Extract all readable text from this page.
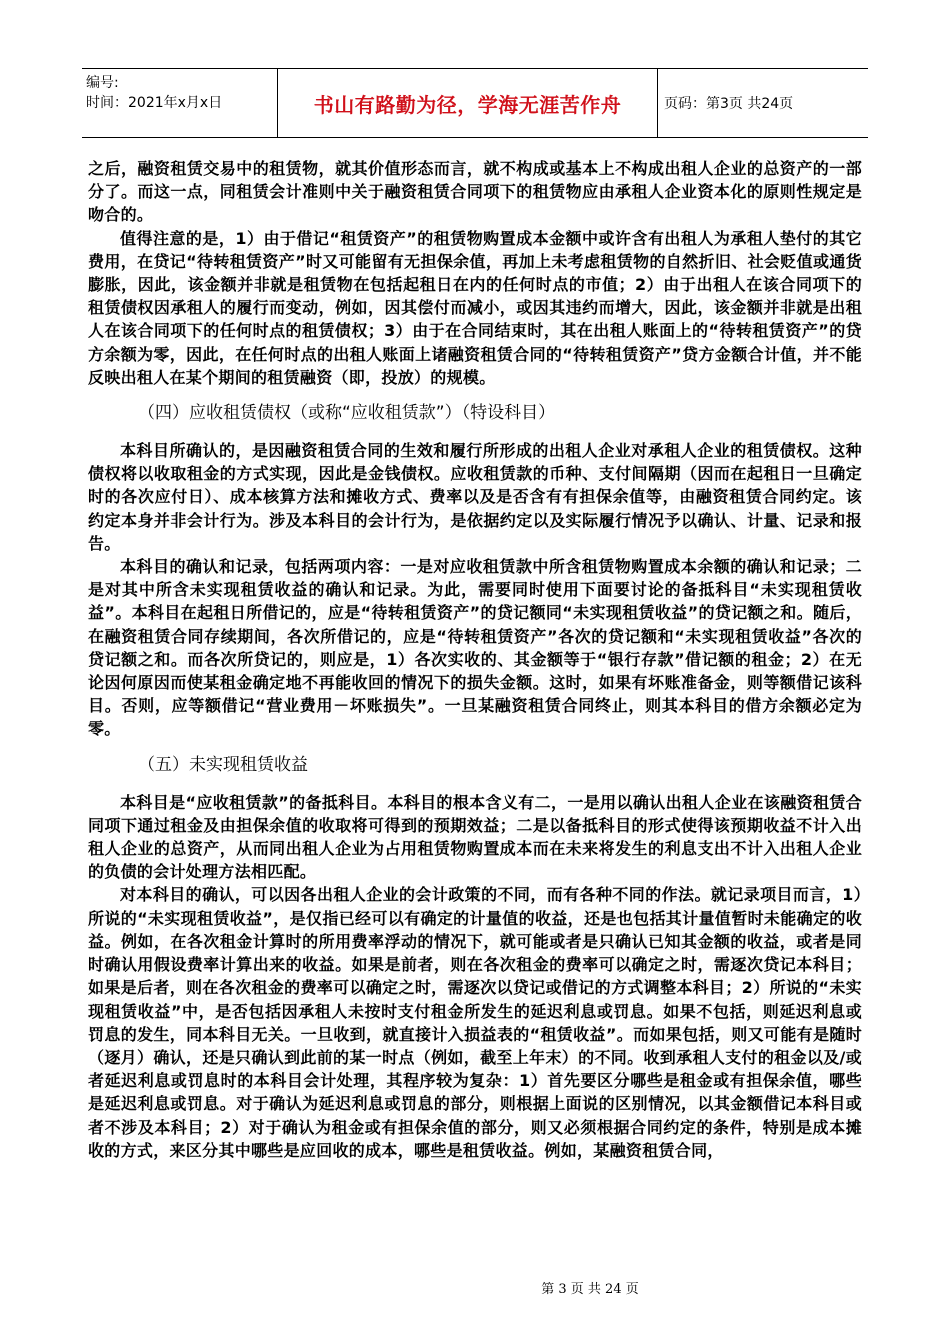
编号:
时间：2021年x月x日	书山有路勤为径，学海无涯苦作舟	页码：第3页 共24页

之后，融资租赁交易中的租赁物，就其价值形态而言，就不构成或基本上不构成出租人企业的总资产的一部分了。而这一点，同租赁会计准则中关于融资租赁合同项下的租赁物应由承租人企业资本化的原则性规定是吻合的。

值得注意的是，1）由于借记“租赁资产”的租赁物购置成本金额中或许含有出租人为承租人垫付的其它费用，在贷记“待转租赁资产”时又可能留有无担保余值，再加上未考虑租赁物的自然折旧、社会贬值或通货膨胀，因此，该金额并非就是租赁物在包括起租日在内的任何时点的市值；2）由于出租人在该合同项下的租赁债权因承租人的履行而变动，例如，因其偿付而减小，或因其违约而增大，因此，该金额并非就是出租人在该合同项下的任何时点的租赁债权；3）由于在合同结束时，其在出租人账面上的“待转租赁资产”的贷方余额为零，因此，在任何时点的出租人账面上诸融资租赁合同的“待转租赁资产”贷方金额合计值，并不能反映出租人在某个期间的租赁融资（即，投放）的规模。

（四）应收租赁债权（或称“应收租赁款”）（特设科目）

本科目所确认的，是因融资租赁合同的生效和履行所形成的出租人企业对承租人企业的租赁债权。这种债权将以收取租金的方式实现，因此是金钱债权。应收租赁款的币种、支付间隔期（因而在起租日一旦确定时的各次应付日）、成本核算方法和摊收方式、费率以及是否含有有担保余值等，由融资租赁合同约定。该约定本身并非会计行为。涉及本科目的会计行为，是依据约定以及实际履行情况予以确认、计量、记录和报告。

本科目的确认和记录，包括两项内容：一是对应收租赁款中所含租赁物购置成本余额的确认和记录；二是对其中所含未实现租赁收益的确认和记录。为此，需要同时使用下面要讨论的备抵科目“未实现租赁收益”。本科目在起租日所借记的，应是“待转租赁资产”的贷记额同“未实现租赁收益”的贷记额之和。随后，在融资租赁合同存续期间，各次所借记的，应是“待转租赁资产”各次的贷记额和“未实现租赁收益”各次的贷记额之和。而各次所贷记的，则应是，1）各次实收的、其金额等于“银行存款”借记额的租金；2）在无论因何原因而使某租金确定地不再能收回的情况下的损失金额。这时，如果有坏账准备金，则等额借记该科目。否则，应等额借记“营业费用－坏账损失”。一旦某融资租赁合同终止，则其本科目的借方余额必定为零。

（五）未实现租赁收益

本科目是“应收租赁款”的备抵科目。本科目的根本含义有二，一是用以确认出租人企业在该融资租赁合同项下通过租金及由担保余值的收取将可得到的预期效益；二是以备抵科目的形式使得该预期收益不计入出租人企业的总资产，从而同出租人企业为占用租赁物购置成本而在未来将发生的利息支出不计入出租人企业的负债的会计处理方法相匹配。

对本科目的确认，可以因各出租人企业的会计政策的不同，而有各种不同的作法。就记录项目而言，1）所说的“未实现租赁收益”，是仅指已经可以有确定的计量值的收益，还是也包括其计量值暂时未能确定的收益。例如，在各次租金计算时的所用费率浮动的情况下，就可能或者是只确认已知其金额的收益，或者是同时确认用假设费率计算出来的收益。如果是前者，则在各次租金的费率可以确定之时，需逐次贷记本科目；如果是后者，则在各次租金的费率可以确定之时，需逐次以贷记或借记的方式调整本科目；2）所说的“未实现租赁收益”中，是否包括因承租人未按时支付租金所发生的延迟利息或罚息。如果不包括，则延迟利息或罚息的发生，同本科目无关。一旦收到，就直接计入损益表的“租赁收益”。而如果包括，则又可能有是随时（逐月）确认，还是只确认到此前的某一时点（例如，截至上年末）的不同。收到承租人支付的租金以及/或者延迟利息或罚息时的本科目会计处理，其程序较为复杂：1）首先要区分哪些是租金或有担保余值，哪些是延迟利息或罚息。对于确认为延迟利息或罚息的部分，则根据上面说的区别情况，以其金额借记本科目或者不涉及本科目；2）对于确认为租金或有担保余值的部分，则又必须根据合同约定的条件，特别是成本摊收的方式，来区分其中哪些是应回收的成本，哪些是租赁收益。例如，某融资租赁合同，

第 3 页 共 24 页
